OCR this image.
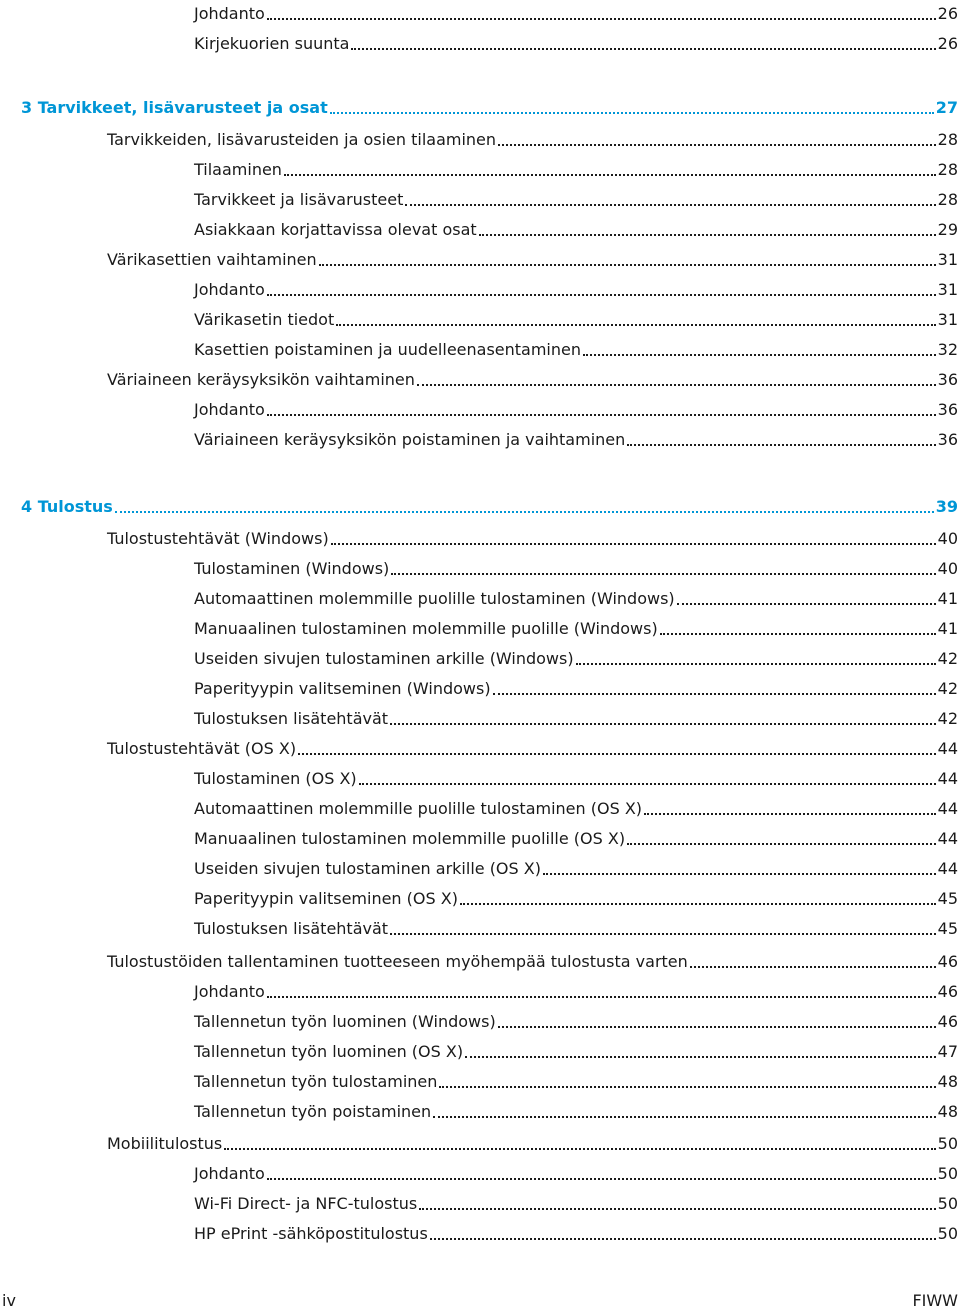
Johdanto	26
Kirjekuorien suunta	26
3 Tarvikkeet, lisävarusteet ja osat	27
Tarvikkeiden, lisävarusteiden ja osien tilaaminen	28
Tilaaminen	28
Tarvikkeet ja lisävarusteet	28
Asiakkaan korjattavissa olevat osat	29
Värikasettien vaihtaminen	31
Johdanto	31
Värikasetin tiedot	31
Kasettien poistaminen ja uudelleenasentaminen	32
Väriaineen keräysyksikön vaihtaminen	36
Johdanto	36
Väriaineen keräysyksikön poistaminen ja vaihtaminen	36
4 Tulostus	39
Tulostustehtävät (Windows)	40
Tulostaminen (Windows)	40
Automaattinen molemmille puolille tulostaminen (Windows)	41
Manuaalinen tulostaminen molemmille puolille (Windows)	41
Useiden sivujen tulostaminen arkille (Windows)	42
Paperityypin valitseminen (Windows)	42
Tulostuksen lisätehtävät	42
Tulostustehtävät (OS X)	44
Tulostaminen (OS X)	44
Automaattinen molemmille puolille tulostaminen (OS X)	44
Manuaalinen tulostaminen molemmille puolille (OS X)	44
Useiden sivujen tulostaminen arkille (OS X)	44
Paperityypin valitseminen (OS X)	45
Tulostuksen lisätehtävät	45
Tulostustöiden tallentaminen tuotteeseen myöhempää tulostusta varten	46
Johdanto	46
Tallennetun työn luominen (Windows)	46
Tallennetun työn luominen (OS X)	47
Tallennetun työn tulostaminen	48
Tallennetun työn poistaminen	48
Mobiilitulostus	50
Johdanto	50
Wi-Fi Direct- ja NFC-tulostus	50
HP ePrint -sähköpostitulostus	50
iv	FIWW
